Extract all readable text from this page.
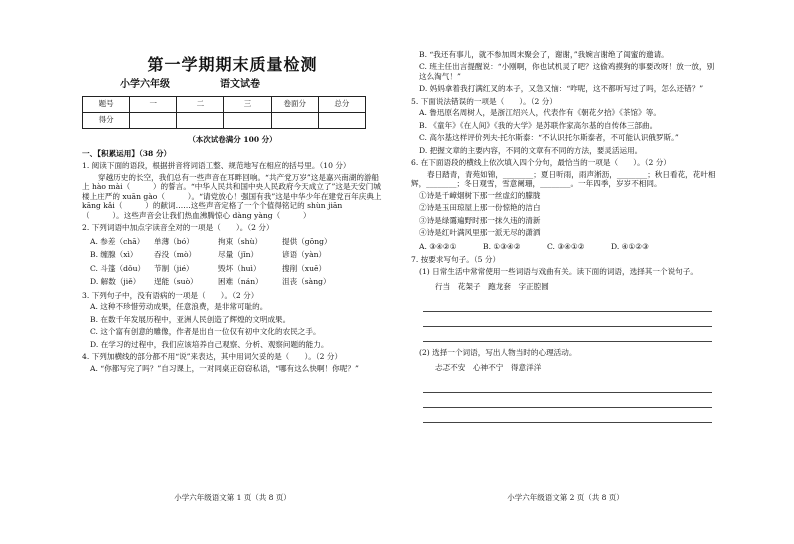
第一学期期末质量检测
小学六年级	语文试卷
题号	一	二	三	卷面分	总分
得分					
（本次试卷满分 100 分）
一、【积累运用】（38 分）

1. 阅读下面的语段，根据拼音将词语工整、规范地写在相应的括号里。（10 分）

穿越历史的长空，我们总有一些声音在耳畔回响。“共产党万岁”这是嘉兴南湖的游船上 hào mài（　　　）的誓言。“中华人民共和国中央人民政府今天成立了”这是天安门城楼上庄严的 xuān gào（　　　）。“请党放心！强国有我”这是中华少年在建党百年庆典上 kāng kǎi（　　　）的献词……这些声音定格了一个个值得铭记的 shùn jiān（　　　）。这些声音会让我们热血沸腾惊心 dàng yàng（　　　）

2. 下列词语中加点字读音全对的一项是（　　）。（2 分）

A. 参差（chā）	单薄（bó）	拘束（shù）	提供（gōng）
B. 缠腺（xì）	吞没（mò）	尽量（jǐn）	谚语（yàn）
C. 斗篷（dǒu）	节制（jié）	毁坏（huì）	搜削（xuē）
D. 解数（jiě）	逞能（suò）	困难（nán）	沮丧（sàng）

3. 下列句子中，没有语病的一项是（　　）。（2 分）

A. 这种不珍惜劳动成果，任意浪费，是非常可耻的。

B. 在数千年发展历程中，亚洲人民创造了辉煌的文明成果。

C. 这个富有创意的雕像，作者是出自一位仅有初中文化的农民之手。

D. 在学习的过程中，我们应该培养自己观察、分析、观察问题的能力。

4. 下列加横线的部分都不用“说”来表达，其中用词欠妥的是（　　）。（2 分）

A. “你都写完了吗？”自习课上，一对同桌正窃窃私语，“哪有这么快啊！你呢？”

小学六年级语文第 1 页（共 8 页）

B. “我还有事儿，就不参加周末聚会了，谢谢，”我婉言谢绝了闺蜜的邀请。

C. 班主任出言提醒说：“小刚啊，你也试机灵了吧？这偷鸡摸狗的事要改呀！放一放，别这么淘气！”

D. 妈妈拿着我打满红叉的本子，又急又恼：“咋呢，这不都听写过了吗，怎么还错？”

5. 下面说法错误的一项是（　　）。（2 分）

A. 鲁迅原名周树人，是浙江绍兴人，代表作有《朝花夕拾》《茶馆》等。

B. 《童年》《在人间》《我的大学》是苏联作家高尔基的自传体三部曲。

C. 高尔基这样评价列夫·托尔斯泰：“不认识托尔斯泰者，不可能认识俄罗斯。”

D. 把握文章的主要内容，不同的文章有不同的方法，要灵活运用。

6. 在下面语段的横线上依次填入四个分句，最恰当的一项是（　　）。（2 分）

春日踏青，青苑如锦，________；夏日听雨，雨声淅沥，________；秋日看花，花叶相辉，________；冬日观雪，雪意阑珊，________。一年四季，岁岁不相同。

①诗是千嶂烟树下那一丝虚幻的朦胧

②诗是玉田琼屋上那一份惊艳的洁白

③诗是绿霭遍野时那一抹久违的清新

④诗是红叶满风里那一派无尽的潇洒

A. ③④②①	B. ①③④②	C. ③④①②	D. ④①②③

7. 按要求写句子。（5 分）

(1) 日常生活中常常使用一些词语与戏曲有关。读下面的词语，选择其一个说句子。

行当　花架子　跑龙套　字正腔圆

(2) 选择一个词语，写出人物当时的心理活动。

忐忑不安　心神不宁　得意洋洋
小学六年级语文第 2 页（共 8 页）
